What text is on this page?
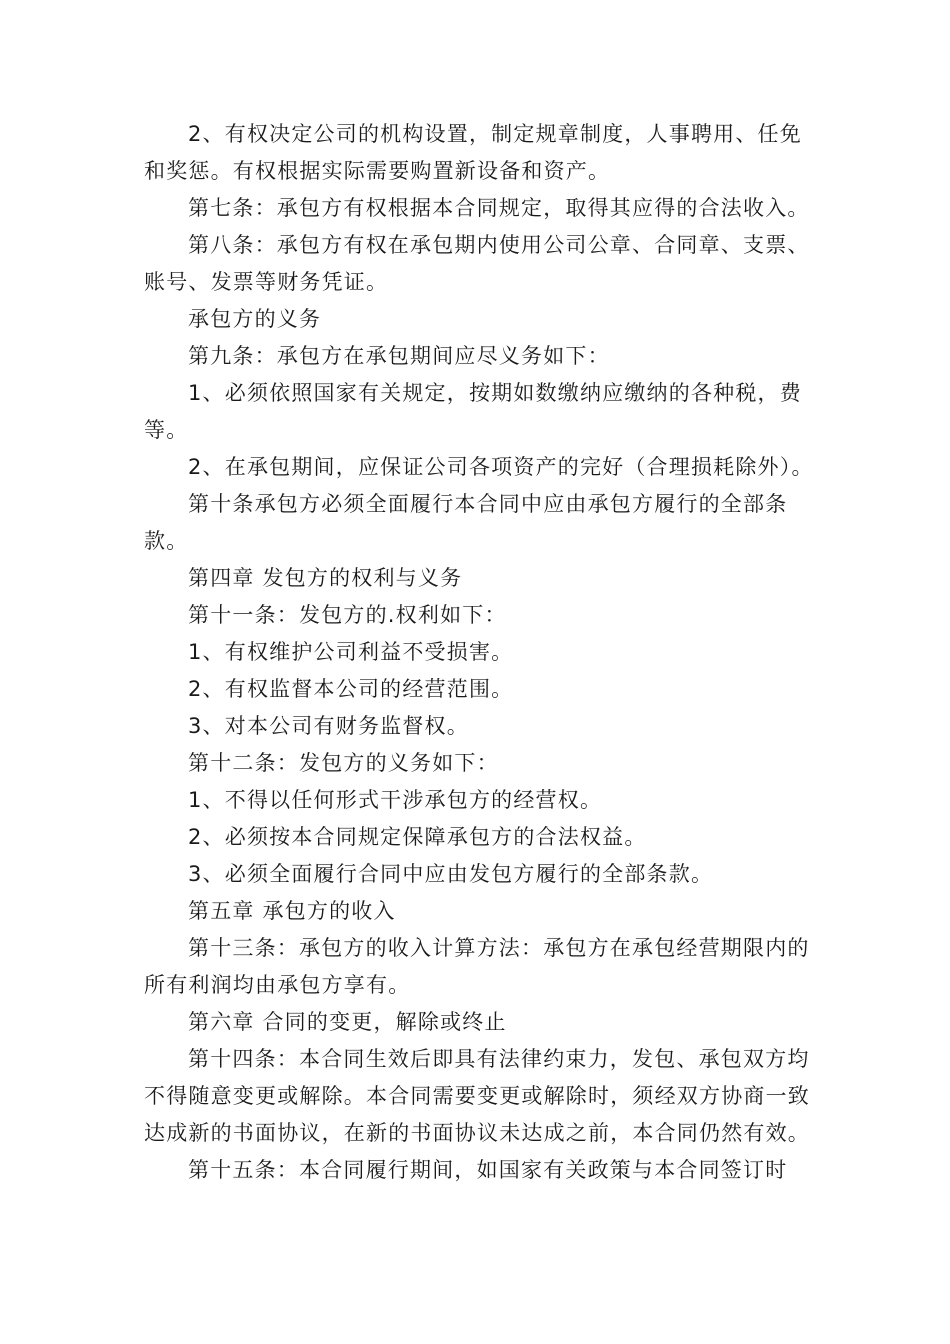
2、有权决定公司的机构设置，制定规章制度，人事聘用、任免和奖惩。有权根据实际需要购置新设备和资产。

第七条：承包方有权根据本合同规定，取得其应得的合法收入。

第八条：承包方有权在承包期内使用公司公章、合同章、支票、账号、发票等财务凭证。

承包方的义务

第九条：承包方在承包期间应尽义务如下：

1、必须依照国家有关规定，按期如数缴纳应缴纳的各种税，费等。

2、在承包期间，应保证公司各项资产的完好（合理损耗除外）。

第十条承包方必须全面履行本合同中应由承包方履行的全部条款。

第四章 发包方的权利与义务

第十一条：发包方的.权利如下：

1、有权维护公司利益不受损害。

2、有权监督本公司的经营范围。

3、对本公司有财务监督权。

第十二条：发包方的义务如下：

1、不得以任何形式干涉承包方的经营权。

2、必须按本合同规定保障承包方的合法权益。

3、必须全面履行合同中应由发包方履行的全部条款。

第五章 承包方的收入

第十三条：承包方的收入计算方法：承包方在承包经营期限内的所有利润均由承包方享有。

第六章 合同的变更，解除或终止

第十四条：本合同生效后即具有法律约束力，发包、承包双方均不得随意变更或解除。本合同需要变更或解除时，须经双方协商一致达成新的书面协议，在新的书面协议未达成之前，本合同仍然有效。

第十五条：本合同履行期间，如国家有关政策与本合同签订时
